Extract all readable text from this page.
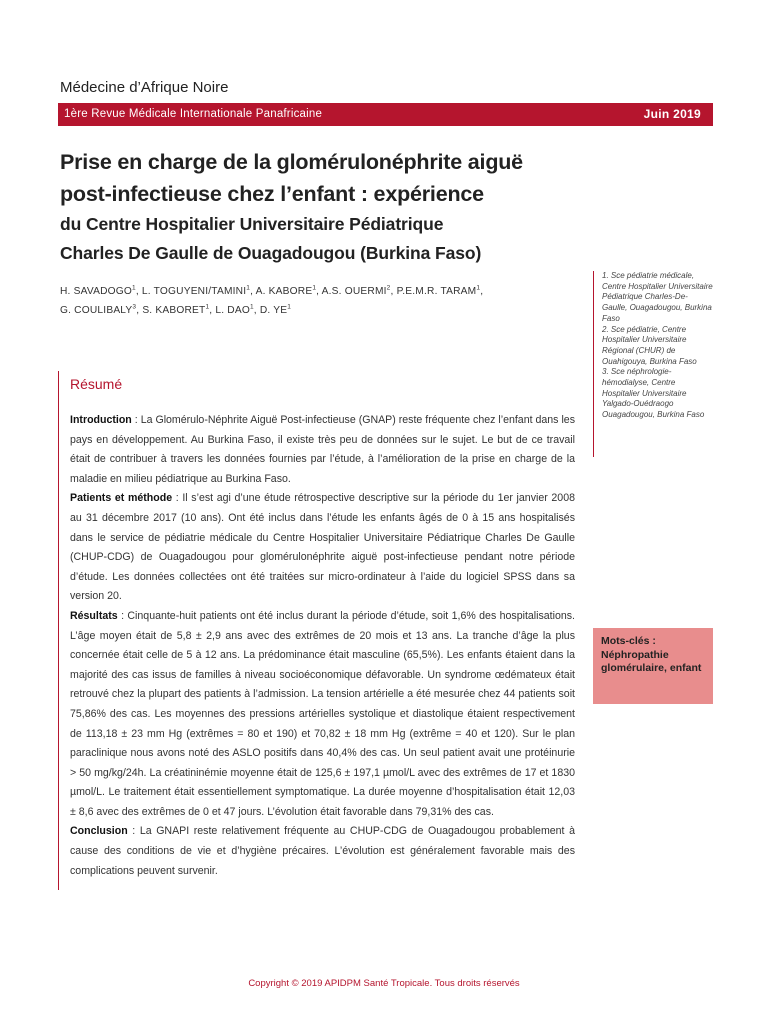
Médecine d’Afrique Noire
1ère Revue Médicale Internationale Panafricaine	Juin 2019
Prise en charge de la glomérulonéphrite aiguë
post-infectieuse chez l’enfant : expérience
du Centre Hospitalier Universitaire Pédiatrique
Charles De Gaulle de Ouagadougou (Burkina Faso)
H. SAVADOGO$^1$, L. TOGUYENI/TAMINI$^1$, A. KABORE$^1$, A.S. OUERMI$^2$, P.E.M.R. TARAM$^1$,
G. COULIBALY$^3$, S. KABORET$^1$, L. DAO$^1$, D. $YE^1$
1. Sce pédiatrie médicale, Centre Hospitalier Universitaire Pédiatrique Charles-De-Gaulle, Ouagadougou, Burkina Faso
2. Sce pédiatrie, Centre Hospitalier Universitaire Régional (CHUR) de Ouahigouya, Burkina Faso
3. Sce néphrologie-hémodialyse, Centre Hospitalier Universitaire Yalgado-Ouédraogo Ouagadougou, Burkina Faso
Résumé

Introduction : La Glomérulo-Néphrite Aiguë Post-infectieuse (GNAP) reste fréquente chez l’enfant dans les pays en développement. Au Burkina Faso, il existe très peu de données sur le sujet. Le but de ce travail était de contribuer à travers les données fournies par l’étude, à l’amélioration de la prise en charge de la maladie en milieu pédiatrique au Burkina Faso.

Patients et méthode : Il s’est agi d’une étude rétrospective descriptive sur la période du 1er janvier 2008 au 31 décembre 2017 (10 ans). Ont été inclus dans l’étude les enfants âgés de 0 à 15 ans hospitalisés dans le service de pédiatrie médicale du Centre Hospitalier Universitaire Pédiatrique Charles De Gaulle (CHUP-CDG) de Ouagadougou pour glomérulonéphrite aiguë post-infectieuse pendant notre période d’étude. Les données collectées ont été traitées sur micro-ordinateur à l’aide du logiciel SPSS dans sa version 20.

Résultats : Cinquante-huit patients ont été inclus durant la période d’étude, soit 1,6% des hospitalisations. L’âge moyen était de 5,8 ± 2,9 ans avec des extrêmes de 20 mois et 13 ans. La tranche d’âge la plus concernée était celle de 5 à 12 ans. La prédominance était masculine (65,5%). Les enfants étaient dans la majorité des cas issus de familles à niveau socioéconomique défavorable. Un syndrome œdémateux était retrouvé chez la plupart des patients à l’admission. La tension artérielle a été mesurée chez 44 patients soit 75,86% des cas. Les moyennes des pressions artérielles systolique et diastolique étaient respectivement de 113,18 ± 23 mm Hg (extrêmes = 80 et 190) et 70,82 ± 18 mm Hg (extrême = 40 et 120). Sur le plan paraclinique nous avons noté des ASLO positifs dans 40,4% des cas. Un seul patient avait une protéinurie > 50 mg/kg/24h. La créatininémie moyenne était de 125,6 ± 197,1 µmol/L avec des extrêmes de 17 et 1830 µmol/L. Le traitement était essentiellement symptomatique. La durée moyenne d’hospitalisation était 12,03 ± 8,6 avec des extrêmes de 0 et 47 jours. L’évolution était favorable dans 79,31% des cas.

Conclusion : La GNAPI reste relativement fréquente au CHUP-CDG de Ouagadougou probablement à cause des conditions de vie et d’hygiène précaires. L’évolution est généralement favorable mais des complications peuvent survenir.

Mots-clés :
Néphropathie glomérulaire, enfant
Copyright © 2019 APIDPM Santé Tropicale. Tous droits réservés
